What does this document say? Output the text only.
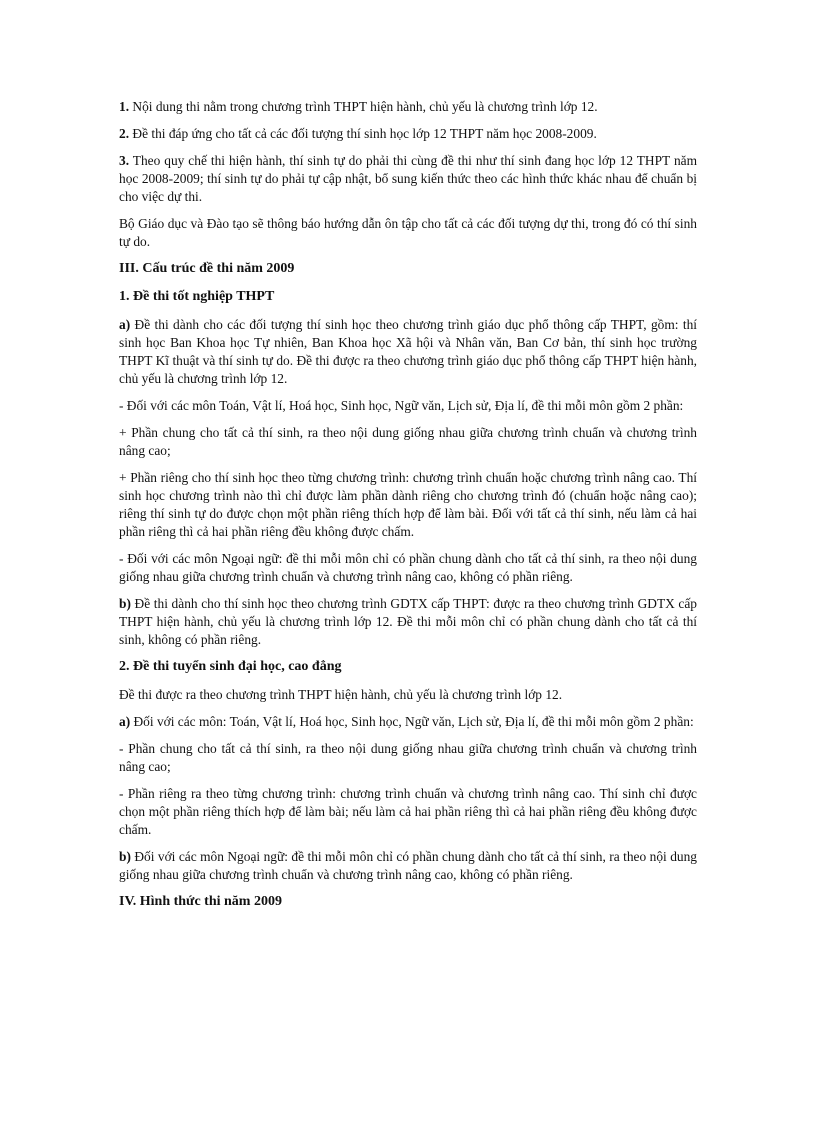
1. Nội dung thi nằm trong chương trình THPT hiện hành, chủ yếu là chương trình lớp 12.

2. Đề thi đáp ứng cho tất cả các đối tượng thí sinh học lớp 12 THPT năm học 2008-2009.

3. Theo quy chế thi hiện hành, thí sinh tự do phải thi cùng đề thi như thí sinh đang học lớp 12 THPT năm học 2008-2009; thí sinh tự do phải tự cập nhật, bổ sung kiến thức theo các hình thức khác nhau để chuẩn bị cho việc dự thi.

Bộ Giáo dục và Đào tạo sẽ thông báo hướng dẫn ôn tập cho tất cả các đối tượng dự thi, trong đó có thí sinh tự do.

III. Cấu trúc đề thi năm 2009
1. Đề thi tốt nghiệp THPT

a) Đề thi dành cho các đối tượng thí sinh học theo chương trình giáo dục phổ thông cấp THPT, gồm: thí sinh học Ban Khoa học Tự nhiên, Ban Khoa học Xã hội và Nhân văn, Ban Cơ bản, thí sinh học trường THPT Kĩ thuật và thí sinh tự do. Đề thi được ra theo chương trình giáo dục phổ thông cấp THPT hiện hành, chủ yếu là chương trình lớp 12.

- Đối với các môn Toán, Vật lí, Hoá học, Sinh học, Ngữ văn, Lịch sử, Địa lí, đề thi mỗi môn gồm 2 phần:

+ Phần chung cho tất cả thí sinh, ra theo nội dung giống nhau giữa chương trình chuẩn và chương trình nâng cao;

+ Phần riêng cho thí sinh học theo từng chương trình: chương trình chuẩn hoặc chương trình nâng cao. Thí sinh học chương trình nào thì chỉ được làm phần dành riêng cho chương trình đó (chuẩn hoặc nâng cao); riêng thí sinh tự do được chọn một phần riêng thích hợp để làm bài. Đối với tất cả thí sinh, nếu làm cả hai phần riêng thì cả hai phần riêng đều không được chấm.

- Đối với các môn Ngoại ngữ: đề thi mỗi môn chỉ có phần chung dành cho tất cả thí sinh, ra theo nội dung giống nhau giữa chương trình chuẩn và chương trình nâng cao, không có phần riêng.

b) Đề thi dành cho thí sinh học theo chương trình GDTX cấp THPT: được ra theo chương trình GDTX cấp THPT hiện hành, chủ yếu là chương trình lớp 12. Đề thi mỗi môn chỉ có phần chung dành cho tất cả thí sinh, không có phần riêng.

2. Đề thi tuyển sinh đại học, cao đẳng

Đề thi được ra theo chương trình THPT hiện hành, chủ yếu là chương trình lớp 12.

a) Đối với các môn: Toán, Vật lí, Hoá học, Sinh học, Ngữ văn, Lịch sử, Địa lí, đề thi mỗi môn gồm 2 phần:

- Phần chung cho tất cả thí sinh, ra theo nội dung giống nhau giữa chương trình chuẩn và chương trình nâng cao;

- Phần riêng ra theo từng chương trình: chương trình chuẩn và chương trình nâng cao. Thí sinh chỉ được chọn một phần riêng thích hợp để làm bài; nếu làm cả hai phần riêng thì cả hai phần riêng đều không được chấm.

b) Đối với các môn Ngoại ngữ: đề thi mỗi môn chỉ có phần chung dành cho tất cả thí sinh, ra theo nội dung giống nhau giữa chương trình chuẩn và chương trình nâng cao, không có phần riêng.

IV. Hình thức thi năm 2009
